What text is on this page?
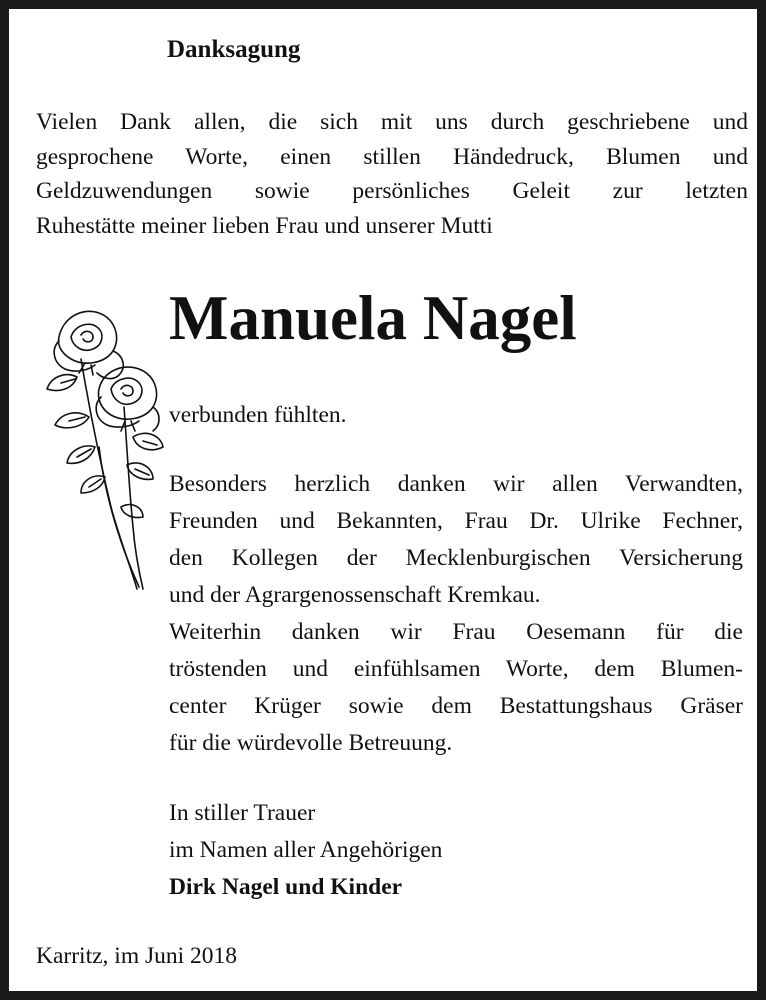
Danksagung

Vielen Dank allen, die sich mit uns durch geschriebene und
gesprochene Worte, einen stillen Händedruck, Blumen und
Geldzuwendungen sowie persönliches Geleit zur letzten
Ruhestätte meiner lieben Frau und unserer Mutti

Manuela Nagel
verbunden fühlten.
Besonders herzlich danken wir allen Verwandten,
Freunden und Bekannten, Frau Dr. Ulrike Fechner,
den Kollegen der Mecklenburgischen Versicherung
und der Agrargenossenschaft Kremkau.
Weiterhin danken wir Frau Oesemann für die
tröstenden und einfühlsamen Worte, dem Blumen-
center Krüger sowie dem Bestattungshaus Gräser
für die würdevolle Betreuung.
In stiller Trauer
im Namen aller Angehörigen
Dirk Nagel und Kinder
Karritz, im Juni 2018
